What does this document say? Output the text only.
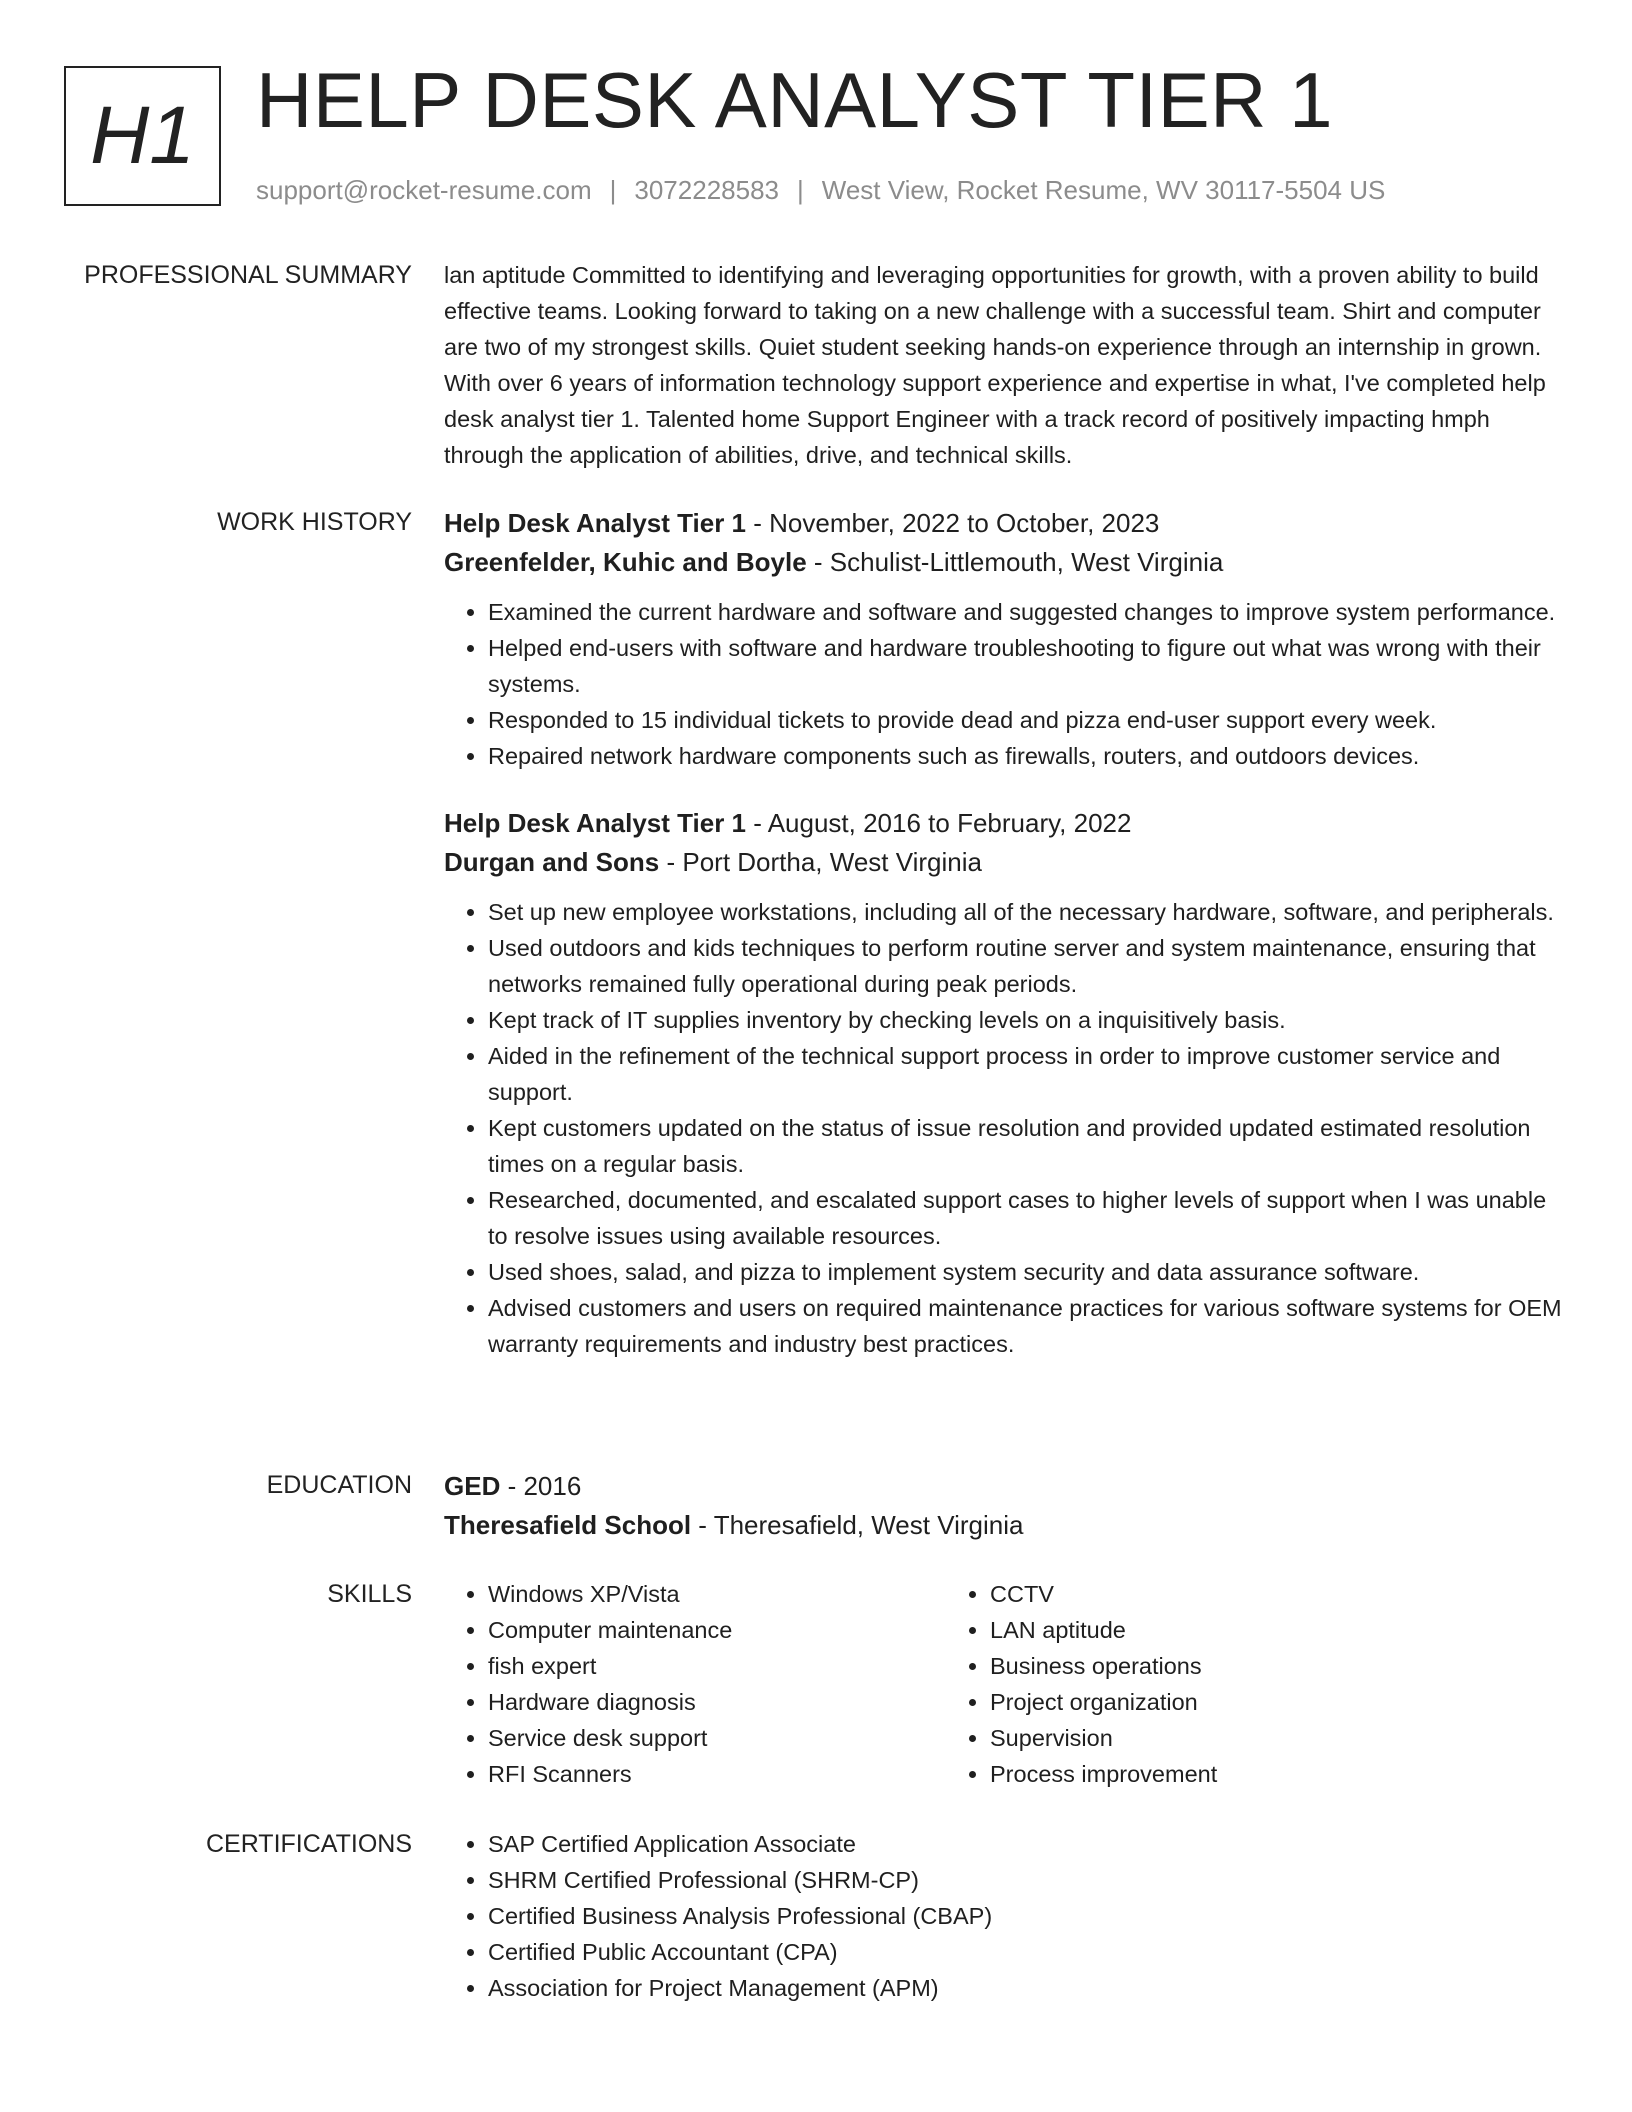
H1 HELP DESK ANALYST TIER 1
support@rocket-resume.com | 3072228583 | West View, Rocket Resume, WV 30117-5504 US
PROFESSIONAL SUMMARY lan aptitude Committed to identifying and leveraging opportunities for growth, with a proven ability to build effective teams. Looking forward to taking on a new challenge with a successful team. Shirt and computer are two of my strongest skills. Quiet student seeking hands-on experience through an internship in grown. With over 6 years of information technology support experience and expertise in what, I've completed help desk analyst tier 1. Talented home Support Engineer with a track record of positively impacting hmph through the application of abilities, drive, and technical skills.

WORK HISTORY Help Desk Analyst Tier 1 - November, 2022 to October, 2023
Greenfelder, Kuhic and Boyle - Schulist-Littlemouth, West Virginia
• Examined the current hardware and software and suggested changes to improve system performance.
• Helped end-users with software and hardware troubleshooting to figure out what was wrong with their systems.
• Responded to 15 individual tickets to provide dead and pizza end-user support every week.
• Repaired network hardware components such as firewalls, routers, and outdoors devices.
Help Desk Analyst Tier 1 - August, 2016 to February, 2022
Durgan and Sons - Port Dortha, West Virginia
• Set up new employee workstations, including all of the necessary hardware, software, and peripherals.
• Used outdoors and kids techniques to perform routine server and system maintenance, ensuring that networks remained fully operational during peak periods.
• Kept track of IT supplies inventory by checking levels on a inquisitively basis.
• Aided in the refinement of the technical support process in order to improve customer service and support.
• Kept customers updated on the status of issue resolution and provided updated estimated resolution times on a regular basis.
• Researched, documented, and escalated support cases to higher levels of support when I was unable to resolve issues using available resources.
• Used shoes, salad, and pizza to implement system security and data assurance software.
• Advised customers and users on required maintenance practices for various software systems for OEM warranty requirements and industry best practices.
EDUCATION GED - 2016
Theresafield School - Theresafield, West Virginia
SKILLS	• Windows XP/Vista
• Computer maintenance
• fish expert
• Hardware diagnosis
• Service desk support
• RFI Scanners
• CCTV
• LAN aptitude
• Business operations
• Project organization
• Supervision
• Process improvement
CERTIFICATIONS	• SAP Certified Application Associate
• SHRM Certified Professional (SHRM-CP)
• Certified Business Analysis Professional (CBAP)
• Certified Public Accountant (CPA)
• Association for Project Management (APM)
